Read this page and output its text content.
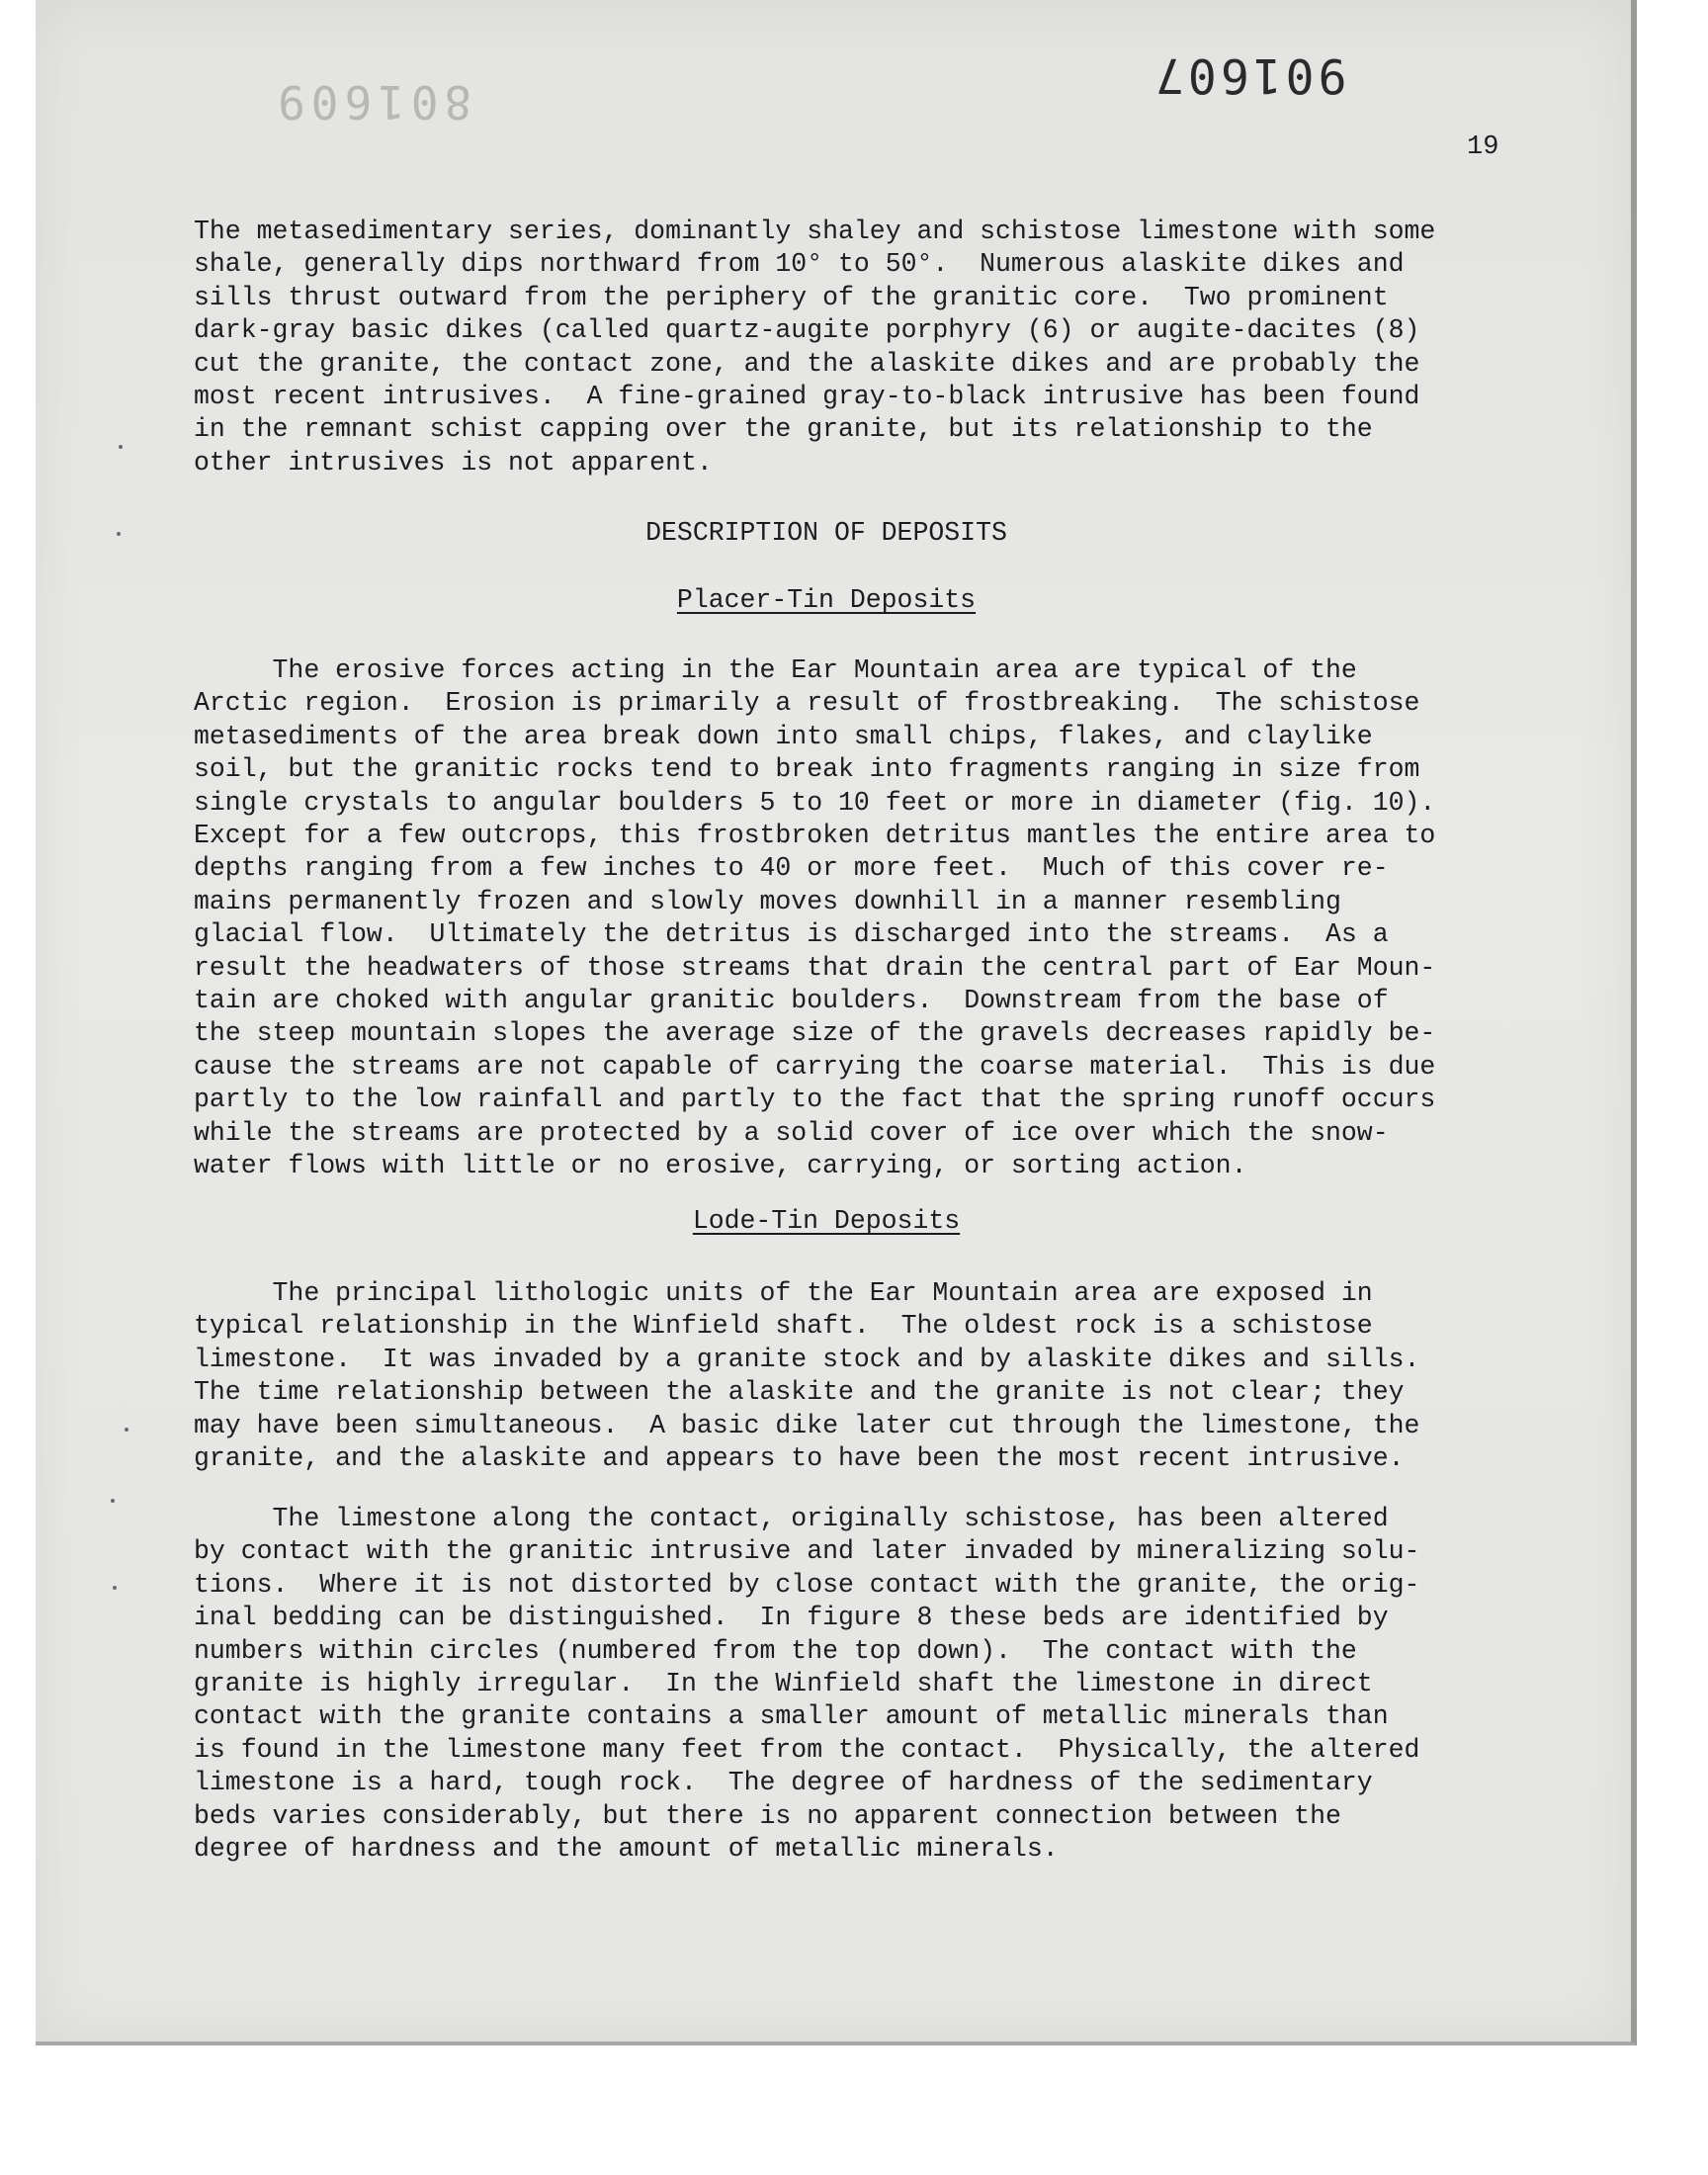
801609	901607
19

The metasedimentary series, dominantly shaley and schistose limestone with some

shale, generally dips northward from 10° to 50°.  Numerous alaskite dikes and

sills thrust outward from the periphery of the granitic core.  Two prominent

dark-gray basic dikes (called quartz-augite porphyry (6) or augite-dacites (8)

cut the granite, the contact zone, and the alaskite dikes and are probably the

most recent intrusives.  A fine-grained gray-to-black intrusive has been found

in the remnant schist capping over the granite, but its relationship to the

other intrusives is not apparent.

DESCRIPTION OF DEPOSITS
Placer-Tin Deposits

The erosive forces acting in the Ear Mountain area are typical of the

Arctic region.  Erosion is primarily a result of frostbreaking.  The schistose

metasediments of the area break down into small chips, flakes, and claylike

soil, but the granitic rocks tend to break into fragments ranging in size from

single crystals to angular boulders 5 to 10 feet or more in diameter (fig. 10).

Except for a few outcrops, this frostbroken detritus mantles the entire area to

depths ranging from a few inches to 40 or more feet.  Much of this cover re-

mains permanently frozen and slowly moves downhill in a manner resembling

glacial flow.  Ultimately the detritus is discharged into the streams.  As a

result the headwaters of those streams that drain the central part of Ear Moun-

tain are choked with angular granitic boulders.  Downstream from the base of

the steep mountain slopes the average size of the gravels decreases rapidly be-

cause the streams are not capable of carrying the coarse material.  This is due

partly to the low rainfall and partly to the fact that the spring runoff occurs

while the streams are protected by a solid cover of ice over which the snow-

water flows with little or no erosive, carrying, or sorting action.

Lode-Tin Deposits

The principal lithologic units of the Ear Mountain area are exposed in

typical relationship in the Winfield shaft.  The oldest rock is a schistose

limestone.  It was invaded by a granite stock and by alaskite dikes and sills.

The time relationship between the alaskite and the granite is not clear; they

may have been simultaneous.  A basic dike later cut through the limestone, the

granite, and the alaskite and appears to have been the most recent intrusive.

The limestone along the contact, originally schistose, has been altered

by contact with the granitic intrusive and later invaded by mineralizing solu-

tions.  Where it is not distorted by close contact with the granite, the orig-

inal bedding can be distinguished.  In figure 8 these beds are identified by

numbers within circles (numbered from the top down).  The contact with the

granite is highly irregular.  In the Winfield shaft the limestone in direct

contact with the granite contains a smaller amount of metallic minerals than

is found in the limestone many feet from the contact.  Physically, the altered

limestone is a hard, tough rock.  The degree of hardness of the sedimentary

beds varies considerably, but there is no apparent connection between the

degree of hardness and the amount of metallic minerals.
